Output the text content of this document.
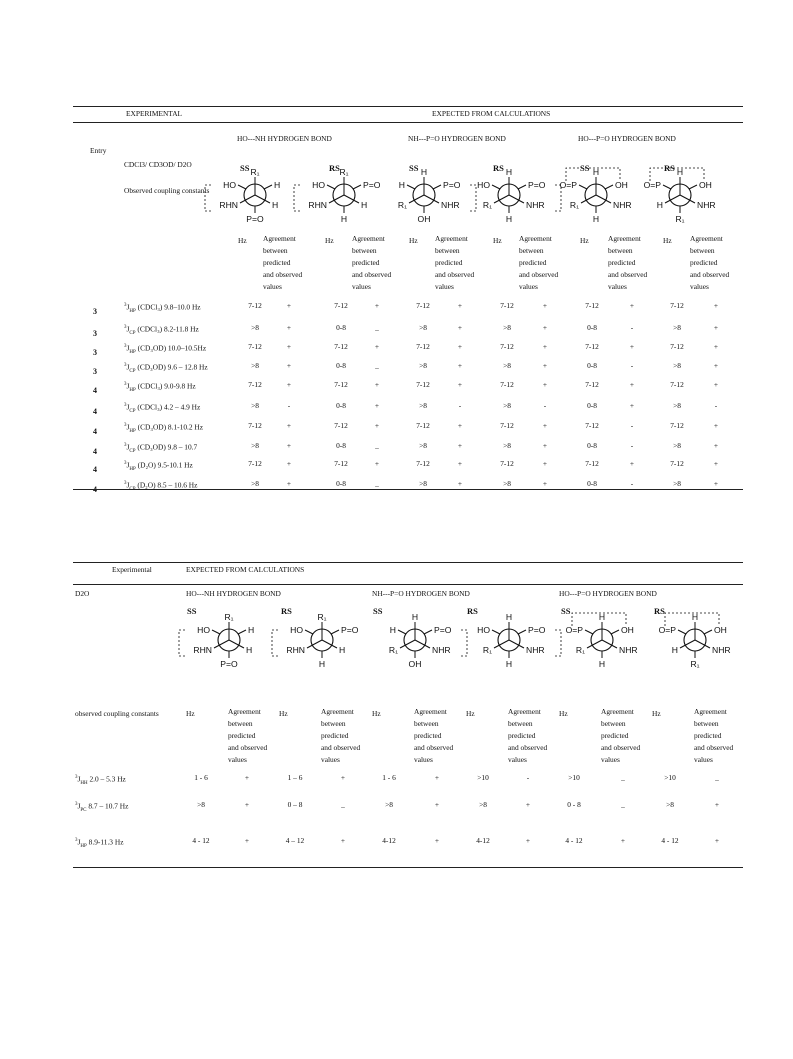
EXPERIMENTAL	EXPECTED FROM CALCULATIONS
Entry
HO---NH HYDROGEN BOND	NH---P=O HYDROGEN BOND	HO---P=O HYDROGEN BOND
CDCl3/ CD3OD/ D2O
Observed coupling constants
SS	RS	SS	RS	SS	RS
Hz Agreement
between
predicted
and observed
values
Hz Agreement
between
predicted
and observed
values
Hz Agreement
between
predicted
and observed
values
Hz Agreement
between
predicted
and observed
values
Hz	Agreement
between
predicted
and observed
values
Hz Agreement
between
predicted
and observed
values
3
$^3J_{HP}$ (CDCl₃) 9.8–10.0 Hz	7-12	+	7-12	+	7-12	+	7-12	+	7-12	+	7-12	+
3
$^3J_{CP}$ (CDCl₃) 8.2-11.8 Hz	>8	+	0-8	_	>8	+	>8	+	0-8	-	>8	+
3
$^3J_{HP}$ (CD₃OD) 10.0–10.5Hz	7-12	+	7-12	+	7-12	+	7-12	+	7-12	+	7-12	+
3
$^3J_{CP}$ (CD₃OD) 9.6 – 12.8 Hz	>8	+	0-8	_	>8	+	>8	+	0-8	-	>8	+
4
$^3J_{HP}$ (CDCl₃) 9.0-9.8 Hz	7-12	+	7-12	+	7-12	+	7-12	+	7-12	+	7-12	+
4
$^3J_{CP}$ (CDCl₃) 4.2 – 4.9 Hz	>8	-	0-8	+	>8	-	>8	-	0-8	+	>8	-
4
$^3J_{HP}$ (CD₃OD) 8.1-10.2 Hz	7-12	+	7-12	+	7-12	+	7-12	+	7-12	-	7-12	+
4
$^3J_{CP}$ (CD₃OD) 9.8 – 10.7	>8	+	0-8	_	>8	+	>8	+	0-8	-	>8	+
4
$^3J_{HP}$ (D₂O) 9.5-10.1 Hz	7-12	+	7-12	+	7-12	+	7-12	+	7-12	+	7-12	+
4
$^3J_{CP}$ (D₂O) 8.5 – 10.6 Hz	>8	+	0-8	_	>8	+	>8	+	0-8	-	>8	+
Experimental	EXPECTED FROM CALCULATIONS
D2O	HO---NH HYDROGEN BOND	NH---P=O HYDROGEN BOND	HO---P=O HYDROGEN BOND
SS	RS	SS	RS	SS	RS
observed coupling constants	Hz	Agreement
between
predicted
and observed
values
Hz	Agreement
between
predicted
and observed
values
Hz	Agreement
between
predicted
and observed
values
Hz	Agreement
between
predicted
and observed
values
Hz	Agreement
between
predicted
and observed
values
Hz	Agreement
between
predicted
and observed
values
$^3J_{HH}$ 2.0 – 5.3 Hz	1 - 6	+	1 – 6	+	1 - 6	+	>10	-	>10	_	>10	_
$^3J_{PC}$ 8.7 – 10.7 Hz	>8	+	0 – 8	_	>8	+	>8	+	0 - 8	_	>8	+
$^3J_{HP}$ 8.9-11.3 Hz	4 - 12	+	4 – 12	+	4-12	+	4-12	+	4 - 12	+	4 - 12	+
R₁
HO	H
RHN	H
P=O
R₁
HO	P=O
RHN	H
H
H
H	P=O
R₁	NHR
OH
H
HO	P=O
R₁	NHR
H
H
O=P	OH
R₁	NHR
H
H
O=P	OH
H	NHR
R₁
R₁
HO	H
RHN	H
P=O
R₁
HO	P=O
RHN	H
H
H
H	P=O
R₁	NHR
OH
H
HO	P=O
R₁	NHR
H
H
O=P	OH
R₁	NHR
H
H
O=P	OH
H	NHR
R₁
